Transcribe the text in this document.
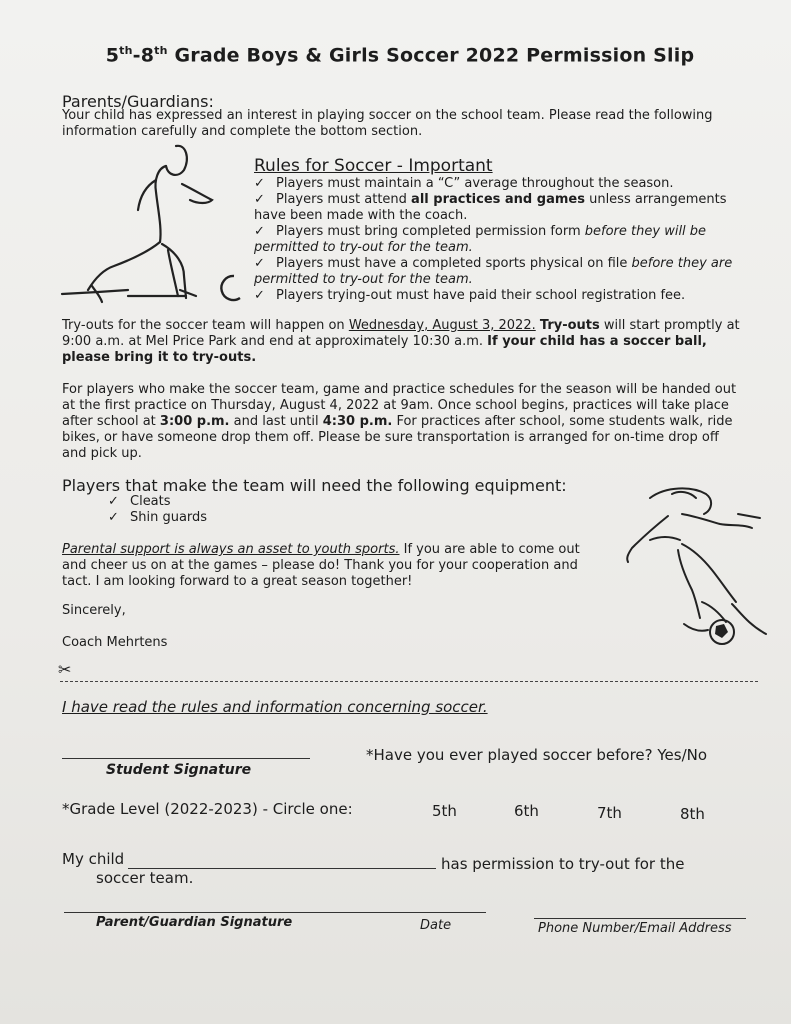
5th-8th Grade Boys & Girls Soccer 2022 Permission Slip
Parents/Guardians:
Your child has expressed an interest in playing soccer on the school team. Please read the following information carefully and complete the bottom section.
Rules for Soccer - Important
✓ Players must maintain a “C” average throughout the season.
✓ Players must attend all practices and games unless arrangements have been made with the coach.
✓ Players must bring completed permission form before they will be permitted to try-out for the team.
✓ Players must have a completed sports physical on file before they are permitted to try-out for the team.
✓ Players trying-out must have paid their school registration fee.
Try-outs for the soccer team will happen on Wednesday, August 3, 2022. Try-outs will start promptly at 9:00 a.m. at Mel Price Park and end at approximately 10:30 a.m. If your child has a soccer ball, please bring it to try-outs.
For players who make the soccer team, game and practice schedules for the season will be handed out at the first practice on Thursday, August 4, 2022 at 9am. Once school begins, practices will take place after school at 3:00 p.m. and last until 4:30 p.m. For practices after school, some students walk, ride bikes, or have someone drop them off. Please be sure transportation is arranged for on-time drop off and pick up.
Players that make the team will need the following equipment:
✓ Cleats
✓ Shin guards
Parental support is always an asset to youth sports. If you are able to come out and cheer us on at the games – please do! Thank you for your cooperation and tact. I am looking forward to a great season together!
Sincerely,
Coach Mehrtens
✂
I have read the rules and information concerning soccer.
Student Signature
*Have you ever played soccer before? Yes/No
*Grade Level (2022-2023) - Circle one:	5th	6th	7th	8th
My child	has permission to try-out for the
soccer team.
Parent/Guardian Signature	Date	Phone Number/Email Address
